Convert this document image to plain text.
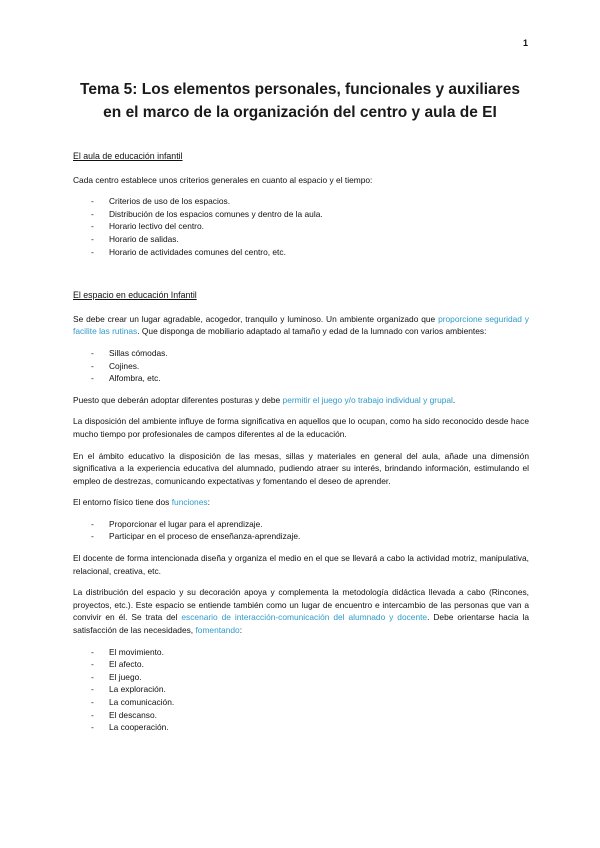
1
Tema 5: Los elementos personales, funcionales y auxiliares
en el marco de la organización del centro y aula de EI
El aula de educación infantil

Cada centro establece unos criterios generales en cuanto al espacio y el tiempo:

- Criterios de uso de los espacios.
- Distribución de los espacios comunes y dentro de la aula.
- Horario lectivo del centro.
- Horario de salidas.
- Horario de actividades comunes del centro, etc.
El espacio en educación Infantil

Se debe crear un lugar agradable, acogedor, tranquilo y luminoso. Un ambiente organizado que proporcione seguridad y facilite las rutinas. Que disponga de mobiliario adaptado al tamaño y edad de la lumnado con varios ambientes:

- Sillas cómodas.
- Cojines.
- Alfombra, etc.

Puesto que deberán adoptar diferentes posturas y debe permitir el juego y/o trabajo individual y grupal.

La disposición del ambiente influye de forma significativa en aquellos que lo ocupan, como ha sido reconocido desde hace mucho tiempo por profesionales de campos diferentes al de la educación.

En el ámbito educativo la disposición de las mesas, sillas y materiales en general del aula, añade una dimensión significativa a la experiencia educativa del alumnado, pudiendo atraer su interés, brindando información, estimulando el empleo de destrezas, comunicando expectativas y fomentando el deseo de aprender.

El entorno físico tiene dos funciones:

- Proporcionar el lugar para el aprendizaje.
- Participar en el proceso de enseñanza-aprendizaje.

El docente de forma intencionada diseña y organiza el medio en el que se llevará a cabo la actividad motriz, manipulativa, relacional, creativa, etc.

La distribución del espacio y su decoración apoya y complementa la metodología didáctica llevada a cabo (Rincones, proyectos, etc.). Este espacio se entiende también como un lugar de encuentro e intercambio de las personas que van a convivir en él. Se trata del escenario de interacción-comunicación del alumnado y docente. Debe orientarse hacia la satisfacción de las necesidades, fomentando:

- El movimiento.
- El afecto.
- El juego.
- La exploración.
- La comunicación.
- El descanso.
- La cooperación.
